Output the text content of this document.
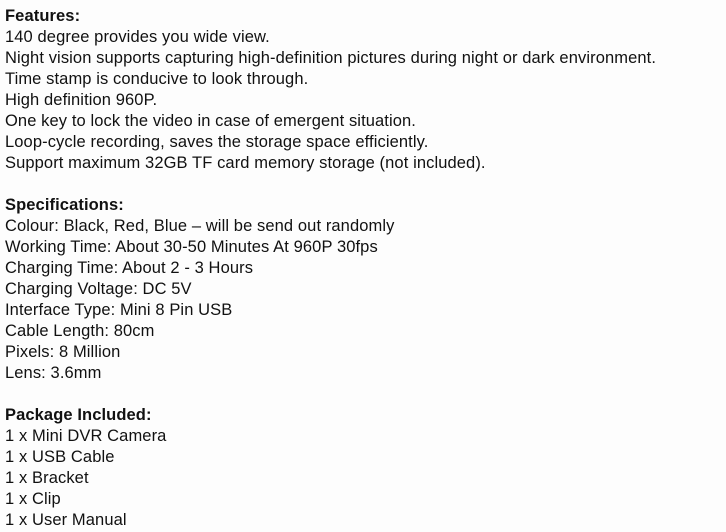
Features:
140 degree provides you wide view.
Night vision supports capturing high-definition pictures during night or dark environment.
Time stamp is conducive to look through.
High definition 960P.
One key to lock the video in case of emergent situation.
Loop-cycle recording, saves the storage space efficiently.
Support maximum 32GB TF card memory storage (not included).
Specifications:
Colour: Black, Red, Blue – will be send out randomly
Working Time: About 30-50 Minutes At 960P 30fps
Charging Time: About 2 - 3 Hours
Charging Voltage: DC 5V
Interface Type: Mini 8 Pin USB
Cable Length: 80cm
Pixels: 8 Million
Lens: 3.6mm
Package Included:
1 x Mini DVR Camera
1 x USB Cable
1 x Bracket
1 x Clip
1 x User Manual
